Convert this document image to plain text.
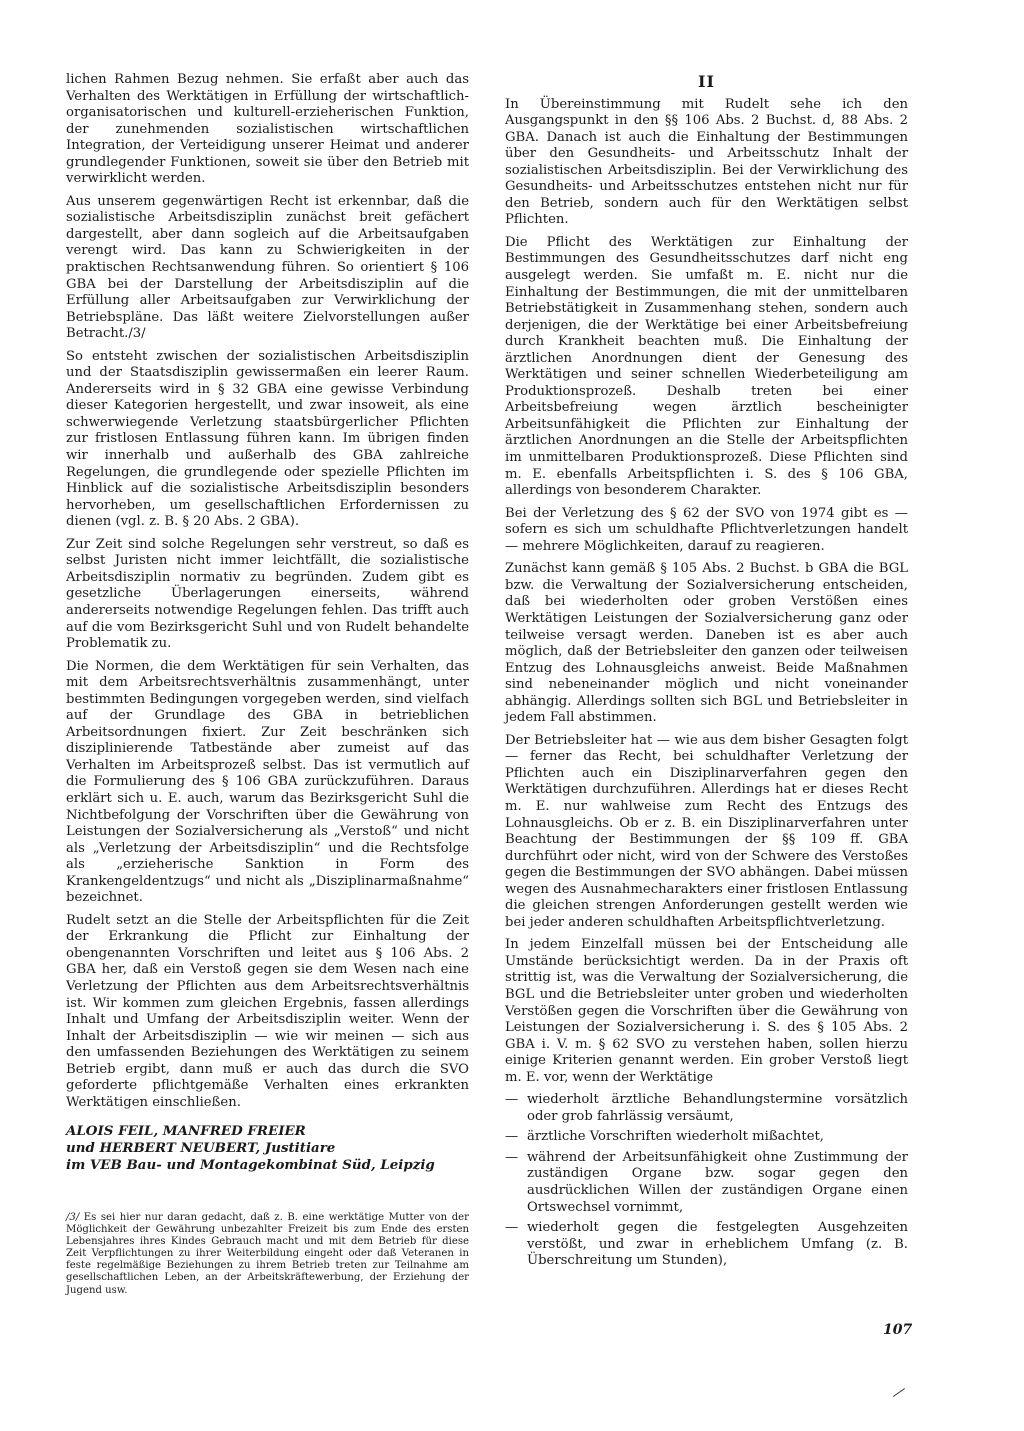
lichen Rahmen Bezug nehmen. Sie erfaßt aber auch das Verhalten des Werktätigen in Erfüllung der wirtschaftlich-organisatorischen und kulturell-erzieherischen Funktion, der zunehmenden sozialistischen wirtschaftlichen Integration, der Verteidigung unserer Heimat und anderer grundlegender Funktionen, soweit sie über den Betrieb mit verwirklicht werden.

Aus unserem gegenwärtigen Recht ist erkennbar, daß die sozialistische Arbeitsdisziplin zunächst breit gefächert dargestellt, aber dann sogleich auf die Arbeitsaufgaben verengt wird. Das kann zu Schwierigkeiten in der praktischen Rechtsanwendung führen. So orientiert § 106 GBA bei der Darstellung der Arbeitsdisziplin auf die Erfüllung aller Arbeitsaufgaben zur Verwirklichung der Betriebspläne. Das läßt weitere Zielvorstellungen außer Betracht./3/

So entsteht zwischen der sozialistischen Arbeitsdisziplin und der Staatsdisziplin gewissermaßen ein leerer Raum. Andererseits wird in § 32 GBA eine gewisse Verbindung dieser Kategorien hergestellt, und zwar insoweit, als eine schwerwiegende Verletzung staatsbürgerlicher Pflichten zur fristlosen Entlassung führen kann. Im übrigen finden wir innerhalb und außerhalb des GBA zahlreiche Regelungen, die grundlegende oder spezielle Pflichten im Hinblick auf die sozialistische Arbeitsdisziplin besonders hervorheben, um gesellschaftlichen Erfordernissen zu dienen (vgl. z. B. § 20 Abs. 2 GBA).

Zur Zeit sind solche Regelungen sehr verstreut, so daß es selbst Juristen nicht immer leichtfällt, die sozialistische Arbeitsdisziplin normativ zu begründen. Zudem gibt es gesetzliche Überlagerungen einerseits, während andererseits notwendige Regelungen fehlen. Das trifft auch auf die vom Bezirksgericht Suhl und von Rudelt behandelte Problematik zu.

Die Normen, die dem Werktätigen für sein Verhalten, das mit dem Arbeitsrechtsverhältnis zusammenhängt, unter bestimmten Bedingungen vorgegeben werden, sind vielfach auf der Grundlage des GBA in betrieblichen Arbeitsordnungen fixiert. Zur Zeit beschränken sich disziplinierende Tatbestände aber zumeist auf das Verhalten im Arbeitsprozeß selbst. Das ist vermutlich auf die Formulierung des § 106 GBA zurückzuführen. Daraus erklärt sich u. E. auch, warum das Bezirksgericht Suhl die Nichtbefolgung der Vorschriften über die Gewährung von Leistungen der Sozialversicherung als „Verstoß“ und nicht als „Verletzung der Arbeitsdisziplin“ und die Rechtsfolge als „erzieherische Sanktion in Form des Krankengeldentzugs“ und nicht als „Disziplinarmaßnahme“ bezeichnet.

Rudelt setzt an die Stelle der Arbeitspflichten für die Zeit der Erkrankung die Pflicht zur Einhaltung der obengenannten Vorschriften und leitet aus § 106 Abs. 2 GBA her, daß ein Verstoß gegen sie dem Wesen nach eine Verletzung der Pflichten aus dem Arbeitsrechtsverhältnis ist. Wir kommen zum gleichen Ergebnis, fassen allerdings Inhalt und Umfang der Arbeitsdisziplin weiter. Wenn der Inhalt der Arbeitsdisziplin — wie wir meinen — sich aus den umfassenden Beziehungen des Werktätigen zu seinem Betrieb ergibt, dann muß er auch das durch die SVO geforderte pflichtgemäße Verhalten eines erkrankten Werktätigen einschließen.

ALOIS FEIL, MANFRED FREIER
und HERBERT NEUBERT, Justitiare
im VEB Bau- und Montagekombinat Süd, Leipzig
/3/ Es sei hier nur daran gedacht, daß z. B. eine werktätige Mutter von der Möglichkeit der Gewährung unbezahlter Freizeit bis zum Ende des ersten Lebensjahres ihres Kindes Gebrauch macht und mit dem Betrieb für diese Zeit Verpflichtungen zu ihrer Weiterbildung eingeht oder daß Veteranen in feste regelmäßige Beziehungen zu ihrem Betrieb treten zur Teilnahme am gesellschaftlichen Leben, an der Arbeitskräftewerbung, der Erziehung der Jugend usw.
II

In Übereinstimmung mit Rudelt sehe ich den Ausgangspunkt in den §§ 106 Abs. 2 Buchst. d, 88 Abs. 2 GBA. Danach ist auch die Einhaltung der Bestimmungen über den Gesundheits- und Arbeitsschutz Inhalt der sozialistischen Arbeitsdisziplin. Bei der Verwirklichung des Gesundheits- und Arbeitsschutzes entstehen nicht nur für den Betrieb, sondern auch für den Werktätigen selbst Pflichten.

Die Pflicht des Werktätigen zur Einhaltung der Bestimmungen des Gesundheitsschutzes darf nicht eng ausgelegt werden. Sie umfaßt m. E. nicht nur die Einhaltung der Bestimmungen, die mit der unmittelbaren Betriebstätigkeit in Zusammenhang stehen, sondern auch derjenigen, die der Werktätige bei einer Arbeitsbefreiung durch Krankheit beachten muß. Die Einhaltung der ärztlichen Anordnungen dient der Genesung des Werktätigen und seiner schnellen Wiederbeteiligung am Produktionsprozeß. Deshalb treten bei einer Arbeitsbefreiung wegen ärztlich bescheinigter Arbeitsunfähigkeit die Pflichten zur Einhaltung der ärztlichen Anordnungen an die Stelle der Arbeitspflichten im unmittelbaren Produktionsprozeß. Diese Pflichten sind m. E. ebenfalls Arbeitspflichten i. S. des § 106 GBA, allerdings von besonderem Charakter.

Bei der Verletzung des § 62 der SVO von 1974 gibt es — sofern es sich um schuldhafte Pflichtverletzungen handelt — mehrere Möglichkeiten, darauf zu reagieren.

Zunächst kann gemäß § 105 Abs. 2 Buchst. b GBA die BGL bzw. die Verwaltung der Sozialversicherung entscheiden, daß bei wiederholten oder groben Verstößen eines Werktätigen Leistungen der Sozialversicherung ganz oder teilweise versagt werden. Daneben ist es aber auch möglich, daß der Betriebsleiter den ganzen oder teilweisen Entzug des Lohnausgleichs anweist. Beide Maßnahmen sind nebeneinander möglich und nicht voneinander abhängig. Allerdings sollten sich BGL und Betriebsleiter in jedem Fall abstimmen.

Der Betriebsleiter hat — wie aus dem bisher Gesagten folgt — ferner das Recht, bei schuldhafter Verletzung der Pflichten auch ein Disziplinarverfahren gegen den Werktätigen durchzuführen. Allerdings hat er dieses Recht m. E. nur wahlweise zum Recht des Entzugs des Lohnausgleichs. Ob er z. B. ein Disziplinarverfahren unter Beachtung der Bestimmungen der §§ 109 ff. GBA durchführt oder nicht, wird von der Schwere des Verstoßes gegen die Bestimmungen der SVO abhängen. Dabei müssen wegen des Ausnahmecharakters einer fristlosen Entlassung die gleichen strengen Anforderungen gestellt werden wie bei jeder anderen schuldhaften Arbeitspflichtverletzung.

In jedem Einzelfall müssen bei der Entscheidung alle Umstände berücksichtigt werden. Da in der Praxis oft strittig ist, was die Verwaltung der Sozialversicherung, die BGL und die Betriebsleiter unter groben und wiederholten Verstößen gegen die Vorschriften über die Gewährung von Leistungen der Sozialversicherung i. S. des § 105 Abs. 2 GBA i. V. m. § 62 SVO zu verstehen haben, sollen hierzu einige Kriterien genannt werden. Ein grober Verstoß liegt m. E. vor, wenn der Werktätige

— wiederholt ärztliche Behandlungstermine vorsätzlich oder grob fahrlässig versäumt,
— ärztliche Vorschriften wiederholt mißachtet,
— während der Arbeitsunfähigkeit ohne Zustimmung der zuständigen Organe bzw. sogar gegen den ausdrücklichen Willen der zuständigen Organe einen Ortswechsel vornimmt,
— wiederholt gegen die festgelegten Ausgehzeiten verstößt, und zwar in erheblichem Umfang (z. B. Überschreitung um Stunden),
107
